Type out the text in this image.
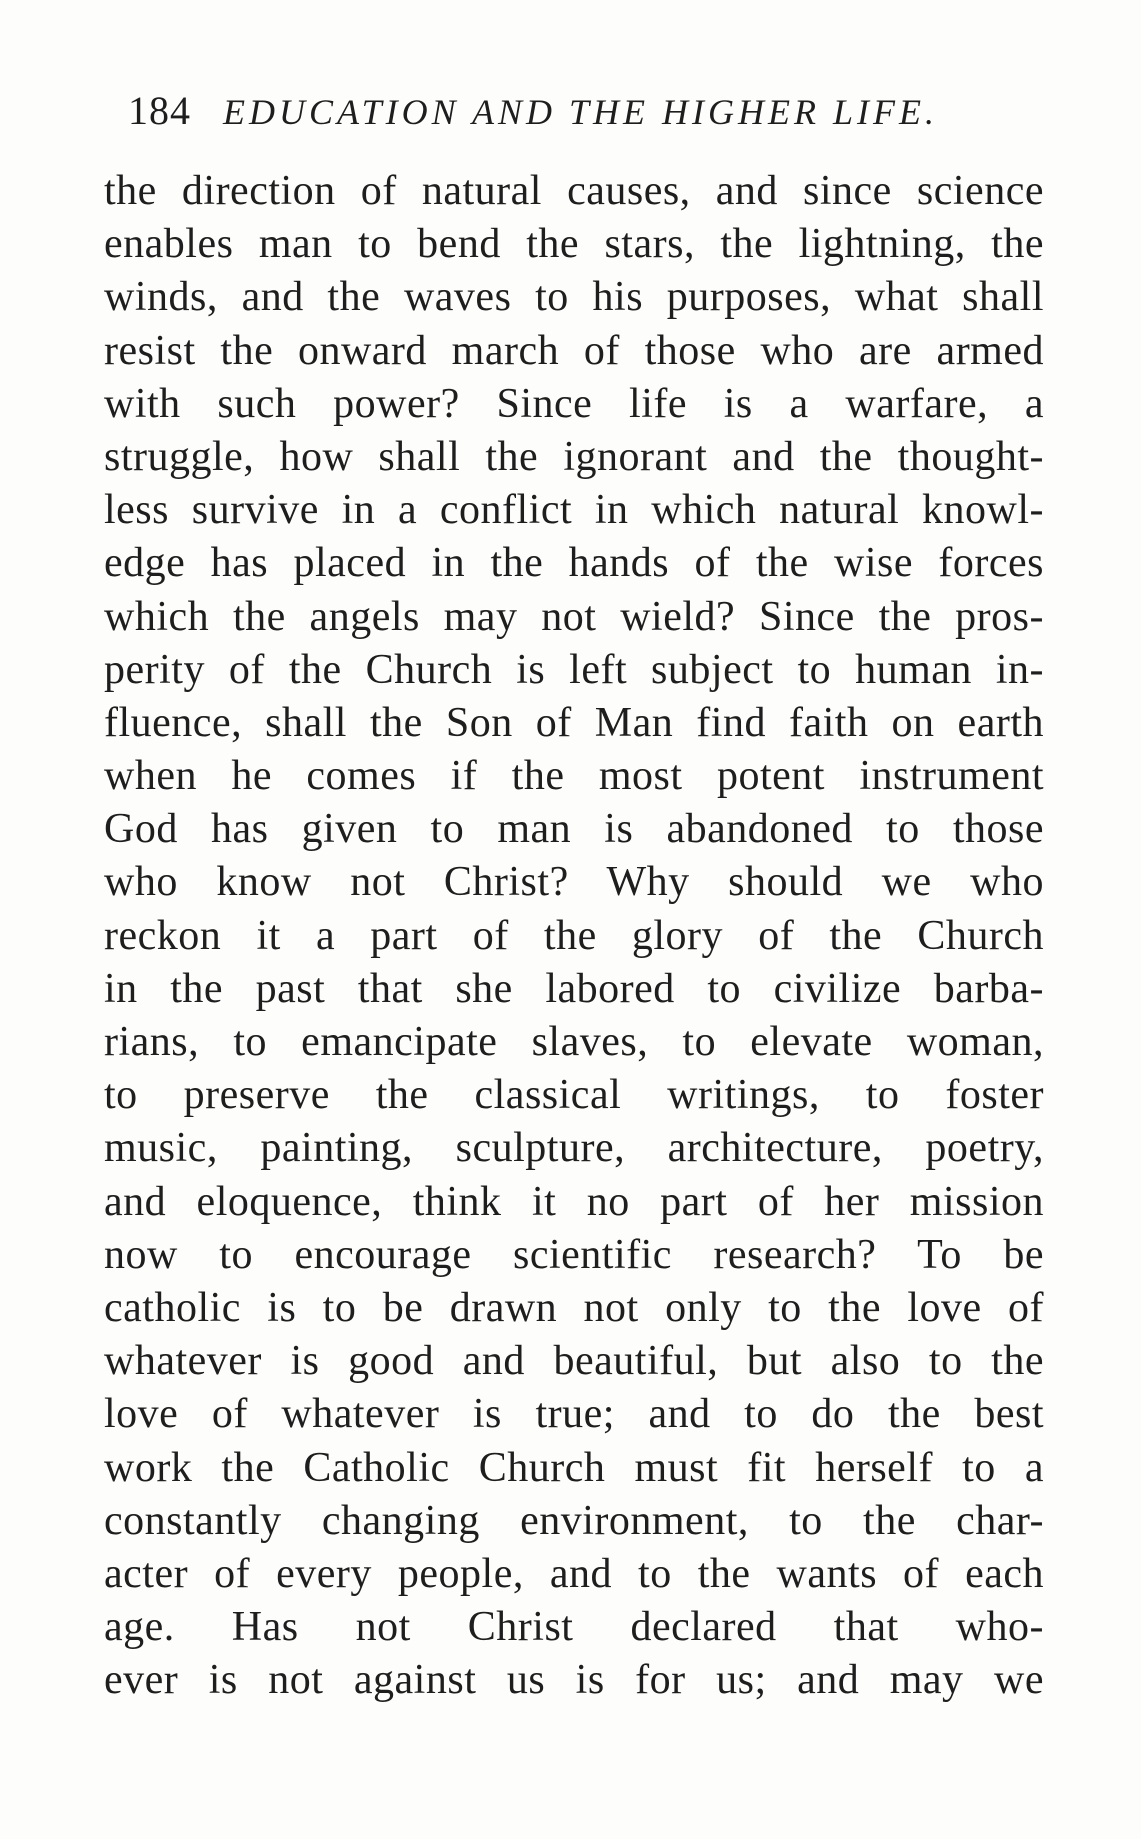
184 EDUCATION AND THE HIGHER LIFE.
the direction of natural causes, and since science
enables man to bend the stars, the lightning, the
winds, and the waves to his purposes, what shall
resist the onward march of those who are armed
with such power? Since life is a warfare, a
struggle, how shall the ignorant and the thought-
less survive in a conflict in which natural knowl-
edge has placed in the hands of the wise forces
which the angels may not wield? Since the pros-
perity of the Church is left subject to human in-
fluence, shall the Son of Man find faith on earth
when he comes if the most potent instrument
God has given to man is abandoned to those
who know not Christ? Why should we who
reckon it a part of the glory of the Church
in the past that she labored to civilize barba-
rians, to emancipate slaves, to elevate woman,
to preserve the classical writings, to foster
music, painting, sculpture, architecture, poetry,
and eloquence, think it no part of her mission
now to encourage scientific research? To be
catholic is to be drawn not only to the love of
whatever is good and beautiful, but also to the
love of whatever is true; and to do the best
work the Catholic Church must fit herself to a
constantly changing environment, to the char-
acter of every people, and to the wants of each
age. Has not Christ declared that who-
ever is not against us is for us; and may we
